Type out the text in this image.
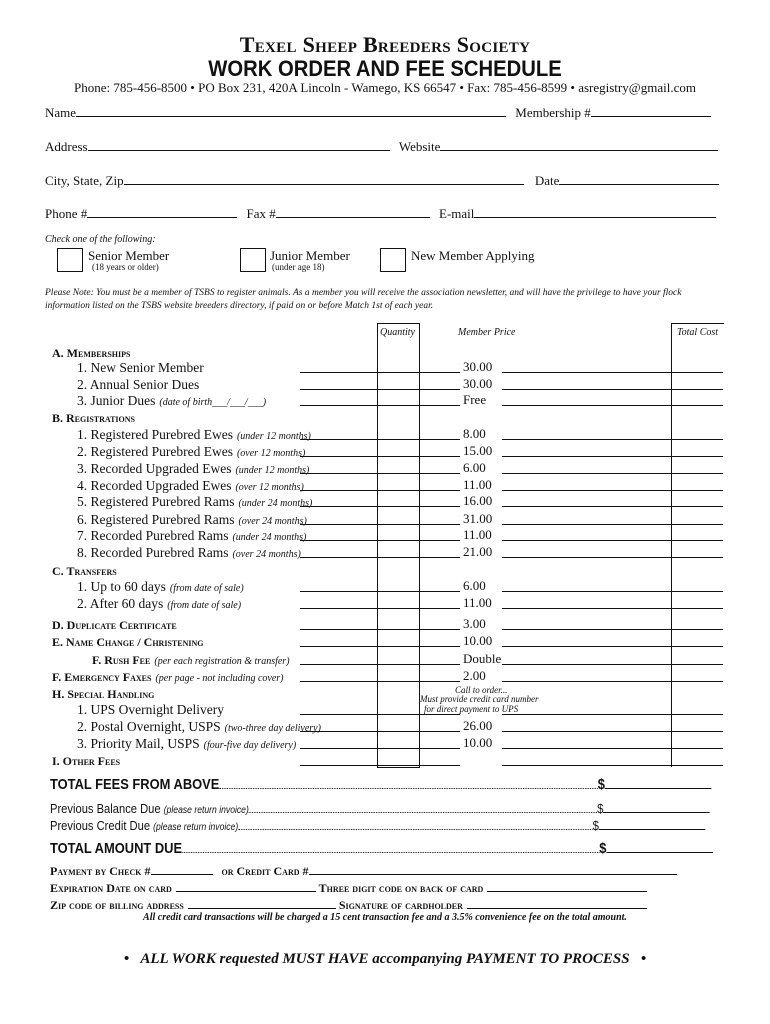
Texel Sheep Breeders Society
WORK ORDER AND FEE SCHEDULE
Phone: 785-456-8500 • PO Box 231, 420A Lincoln - Wamego, KS 66547 • Fax: 785-456-8599 • asregistry@gmail.com
Name	Membership #
Address	Website
City, State, Zip	Date
Phone #	Fax #	E-mail
Check one of the following:
Senior Member
(18 years or older)
Junior Member
(under age 18)
New Member Applying
Please Note: You must be a member of TSBS to register animals. As a member you will receive the association newsletter, and will have the privilege to have your flock information listed on the TSBS website breeders directory, if paid on or before Match 1st of each year.
Quantity	Member Price	Total Cost
A. Memberships
1. New Senior Member	30.00
2. Annual Senior Dues	30.00
3. Junior Dues (date of birth___/___/___)	Free
B. Registrations
1. Registered Purebred Ewes (under 12 months)	8.00
2. Registered Purebred Ewes (over 12 months)	15.00
3. Recorded Upgraded Ewes (under 12 months)	6.00
4. Recorded Upgraded Ewes (over 12 months)	11.00
5. Registered Purebred Rams (under 24 months)	16.00
6. Registered Purebred Rams (over 24 months)	31.00
7. Recorded Purebred Rams (under 24 months)	11.00
8. Recorded Purebred Rams (over 24 months)	21.00
C. Transfers
1. Up to 60 days (from date of sale)	6.00
2. After 60 days (from date of sale)	11.00
D. Duplicate Certificate	3.00
E. Name Change / Christening	10.00
F. Rush Fee (per each registration & transfer)	Double
F. Emergency Faxes (per page - not including cover)	2.00
H. Special Handling
1. UPS Overnight Delivery
2. Postal Overnight, USPS (two-three day delivery)	26.00
3. Priority Mail, USPS (four-five day delivery)	10.00
I. Other Fees
Call to order...
Must provide credit card number
for direct payment to UPS
TOTAL FEES FROM ABOVE	$
Previous Balance Due (please return invoice)	$
Previous Credit Due (please return invoice)	$
TOTAL AMOUNT DUE	$
Payment by Check #	or Credit Card #
Expiration Date on card	Three digit code on back of card
Zip code of billing address	Signature of cardholder
All credit card transactions will be charged a 15 cent transaction fee and a 3.5% convenience fee on the total amount.
•   ALL WORK requested MUST HAVE accompanying PAYMENT TO PROCESS   •
